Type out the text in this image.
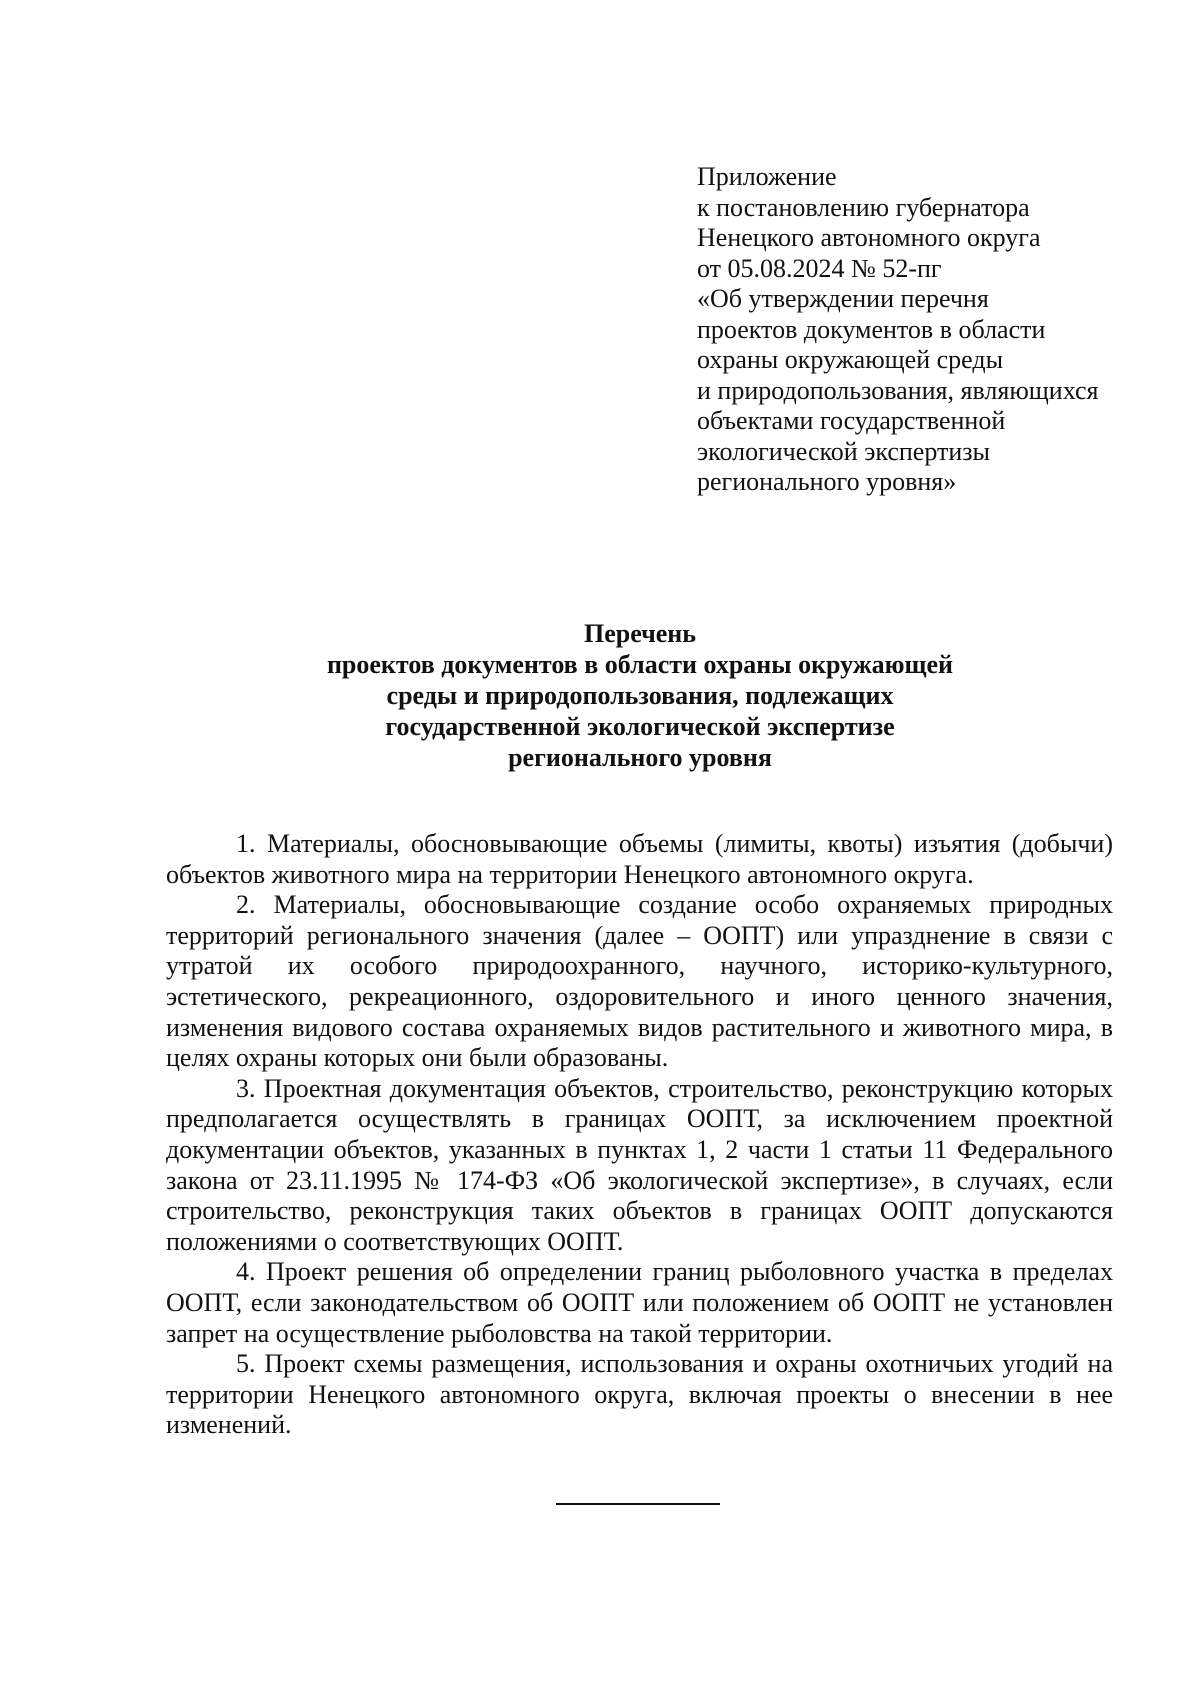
Приложение
к постановлению губернатора
Ненецкого автономного округа
от 05.08.2024 № 52-пг
«Об утверждении перечня
проектов документов в области
охраны окружающей среды
и природопользования, являющихся
объектами государственной
экологической экспертизы
регионального уровня»
Перечень
проектов документов в области охраны окружающей
среды и природопользования, подлежащих
государственной экологической экспертизе
регионального уровня

1. Материалы, обосновывающие объемы (лимиты, квоты) изъятия (добычи) объектов животного мира на территории Ненецкого автономного округа.

2. Материалы, обосновывающие создание особо охраняемых природных территорий регионального значения (далее – ООПТ) или упразднение в связи с утратой их особого природоохранного, научного, историко-культурного, эстетического, рекреационного, оздоровительного и иного ценного значения, изменения видового состава охраняемых видов растительного и животного мира, в целях охраны которых они были образованы.

3. Проектная документация объектов, строительство, реконструкцию которых предполагается осуществлять в границах ООПТ, за исключением проектной документации объектов, указанных в пунктах 1, 2 части 1 статьи 11 Федерального закона от 23.11.1995 № 174-ФЗ «Об экологической экспертизе», в случаях, если строительство, реконструкция таких объектов в границах ООПТ допускаются положениями о соответствующих ООПТ.

4. Проект решения об определении границ рыболовного участка в пределах ООПТ, если законодательством об ООПТ или положением об ООПТ не установлен запрет на осуществление рыболовства на такой территории.

5. Проект схемы размещения, использования и охраны охотничьих угодий на территории Ненецкого автономного округа, включая проекты о внесении в нее изменений.
